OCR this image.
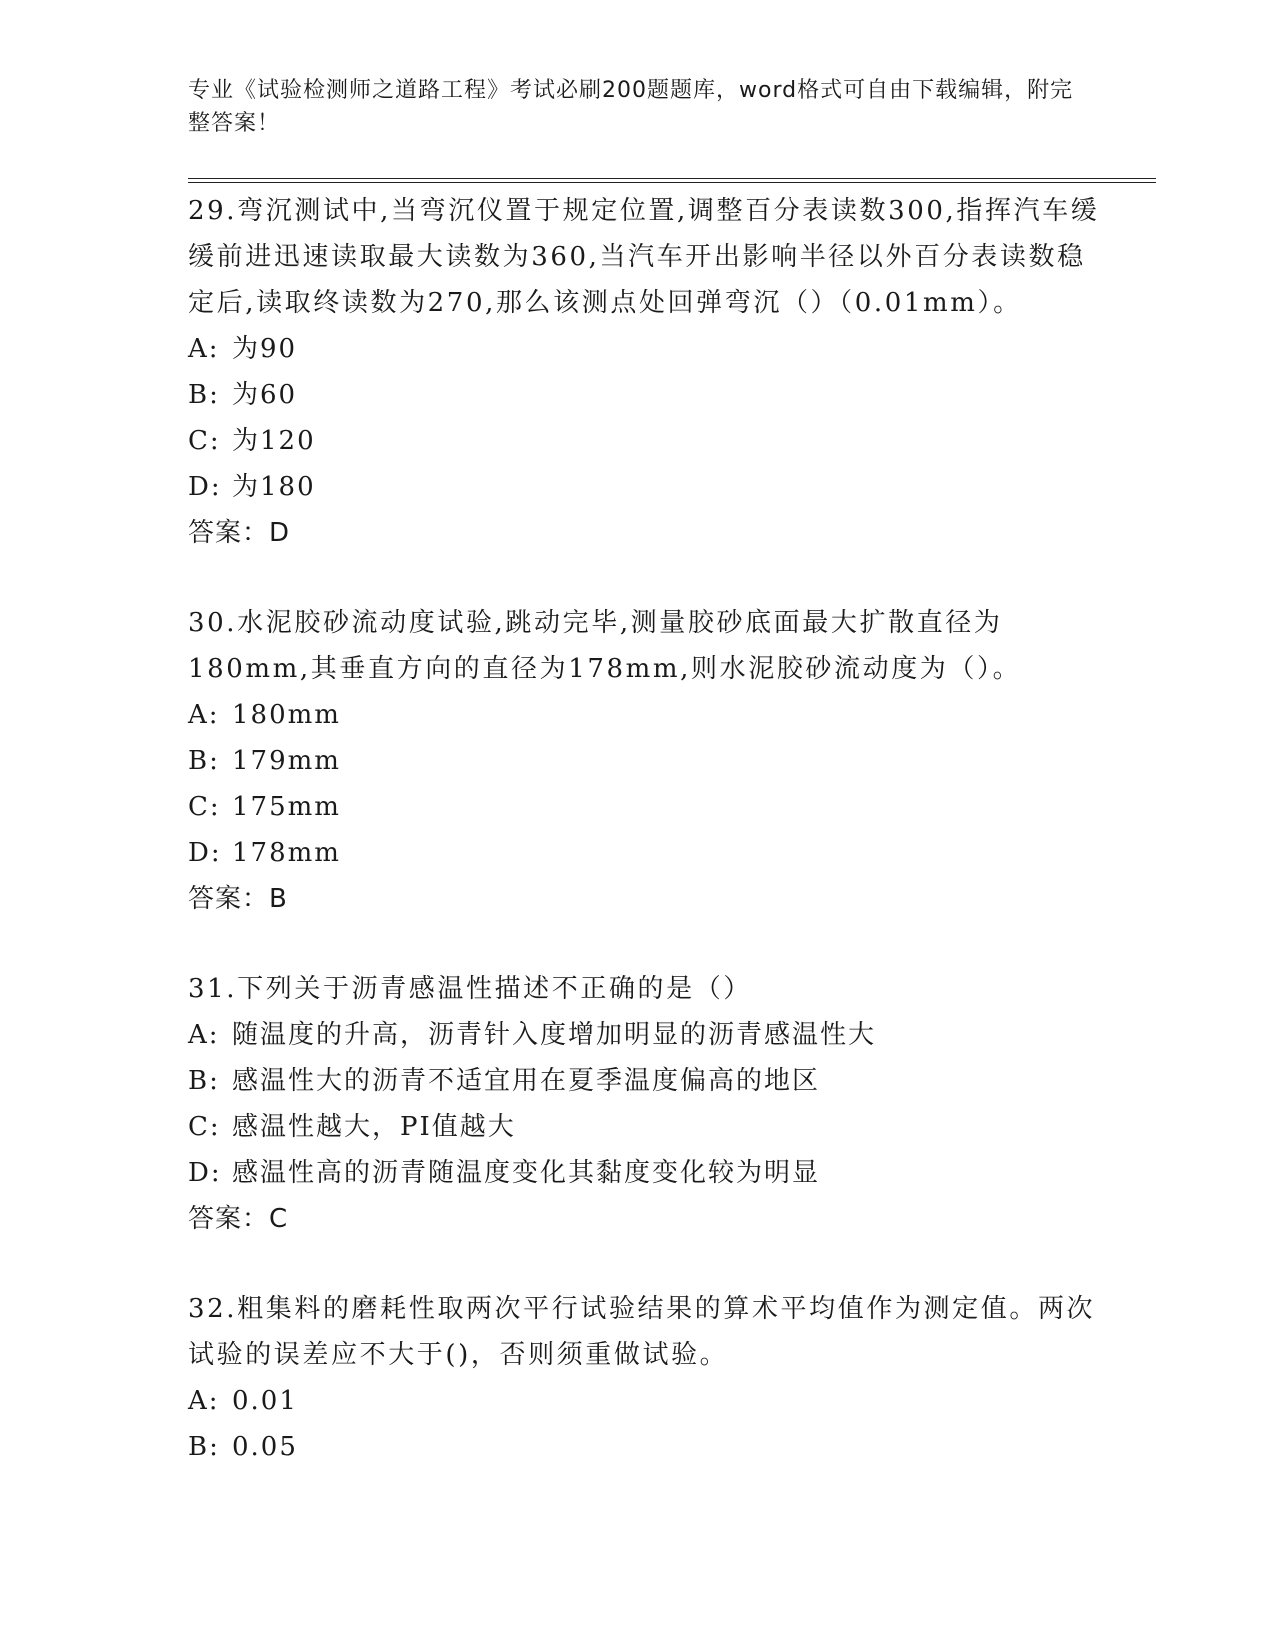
专业《试验检测师之道路工程》考试必刷200题题库，word格式可自由下载编辑，附完整答案！

29.弯沉测试中,当弯沉仪置于规定位置,调整百分表读数300,指挥汽车缓缓前进迅速读取最大读数为360,当汽车开出影响半径以外百分表读数稳定后,读取终读数为270,那么该测点处回弹弯沉（）（0.01mm）。

A: 为90

B: 为60

C: 为120

D: 为180

答案：D

30.水泥胶砂流动度试验,跳动完毕,测量胶砂底面最大扩散直径为180mm,其垂直方向的直径为178mm,则水泥胶砂流动度为（）。

A: 180mm

B: 179mm

C: 175mm

D: 178mm

答案：B

31.下列关于沥青感温性描述不正确的是（）

A: 随温度的升高，沥青针入度增加明显的沥青感温性大

B: 感温性大的沥青不适宜用在夏季温度偏高的地区

C: 感温性越大，PI值越大

D: 感温性高的沥青随温度变化其黏度变化较为明显

答案：C

32.粗集料的磨耗性取两次平行试验结果的算术平均值作为测定值。两次试验的误差应不大于()，否则须重做试验。

A: 0.01

B: 0.05
